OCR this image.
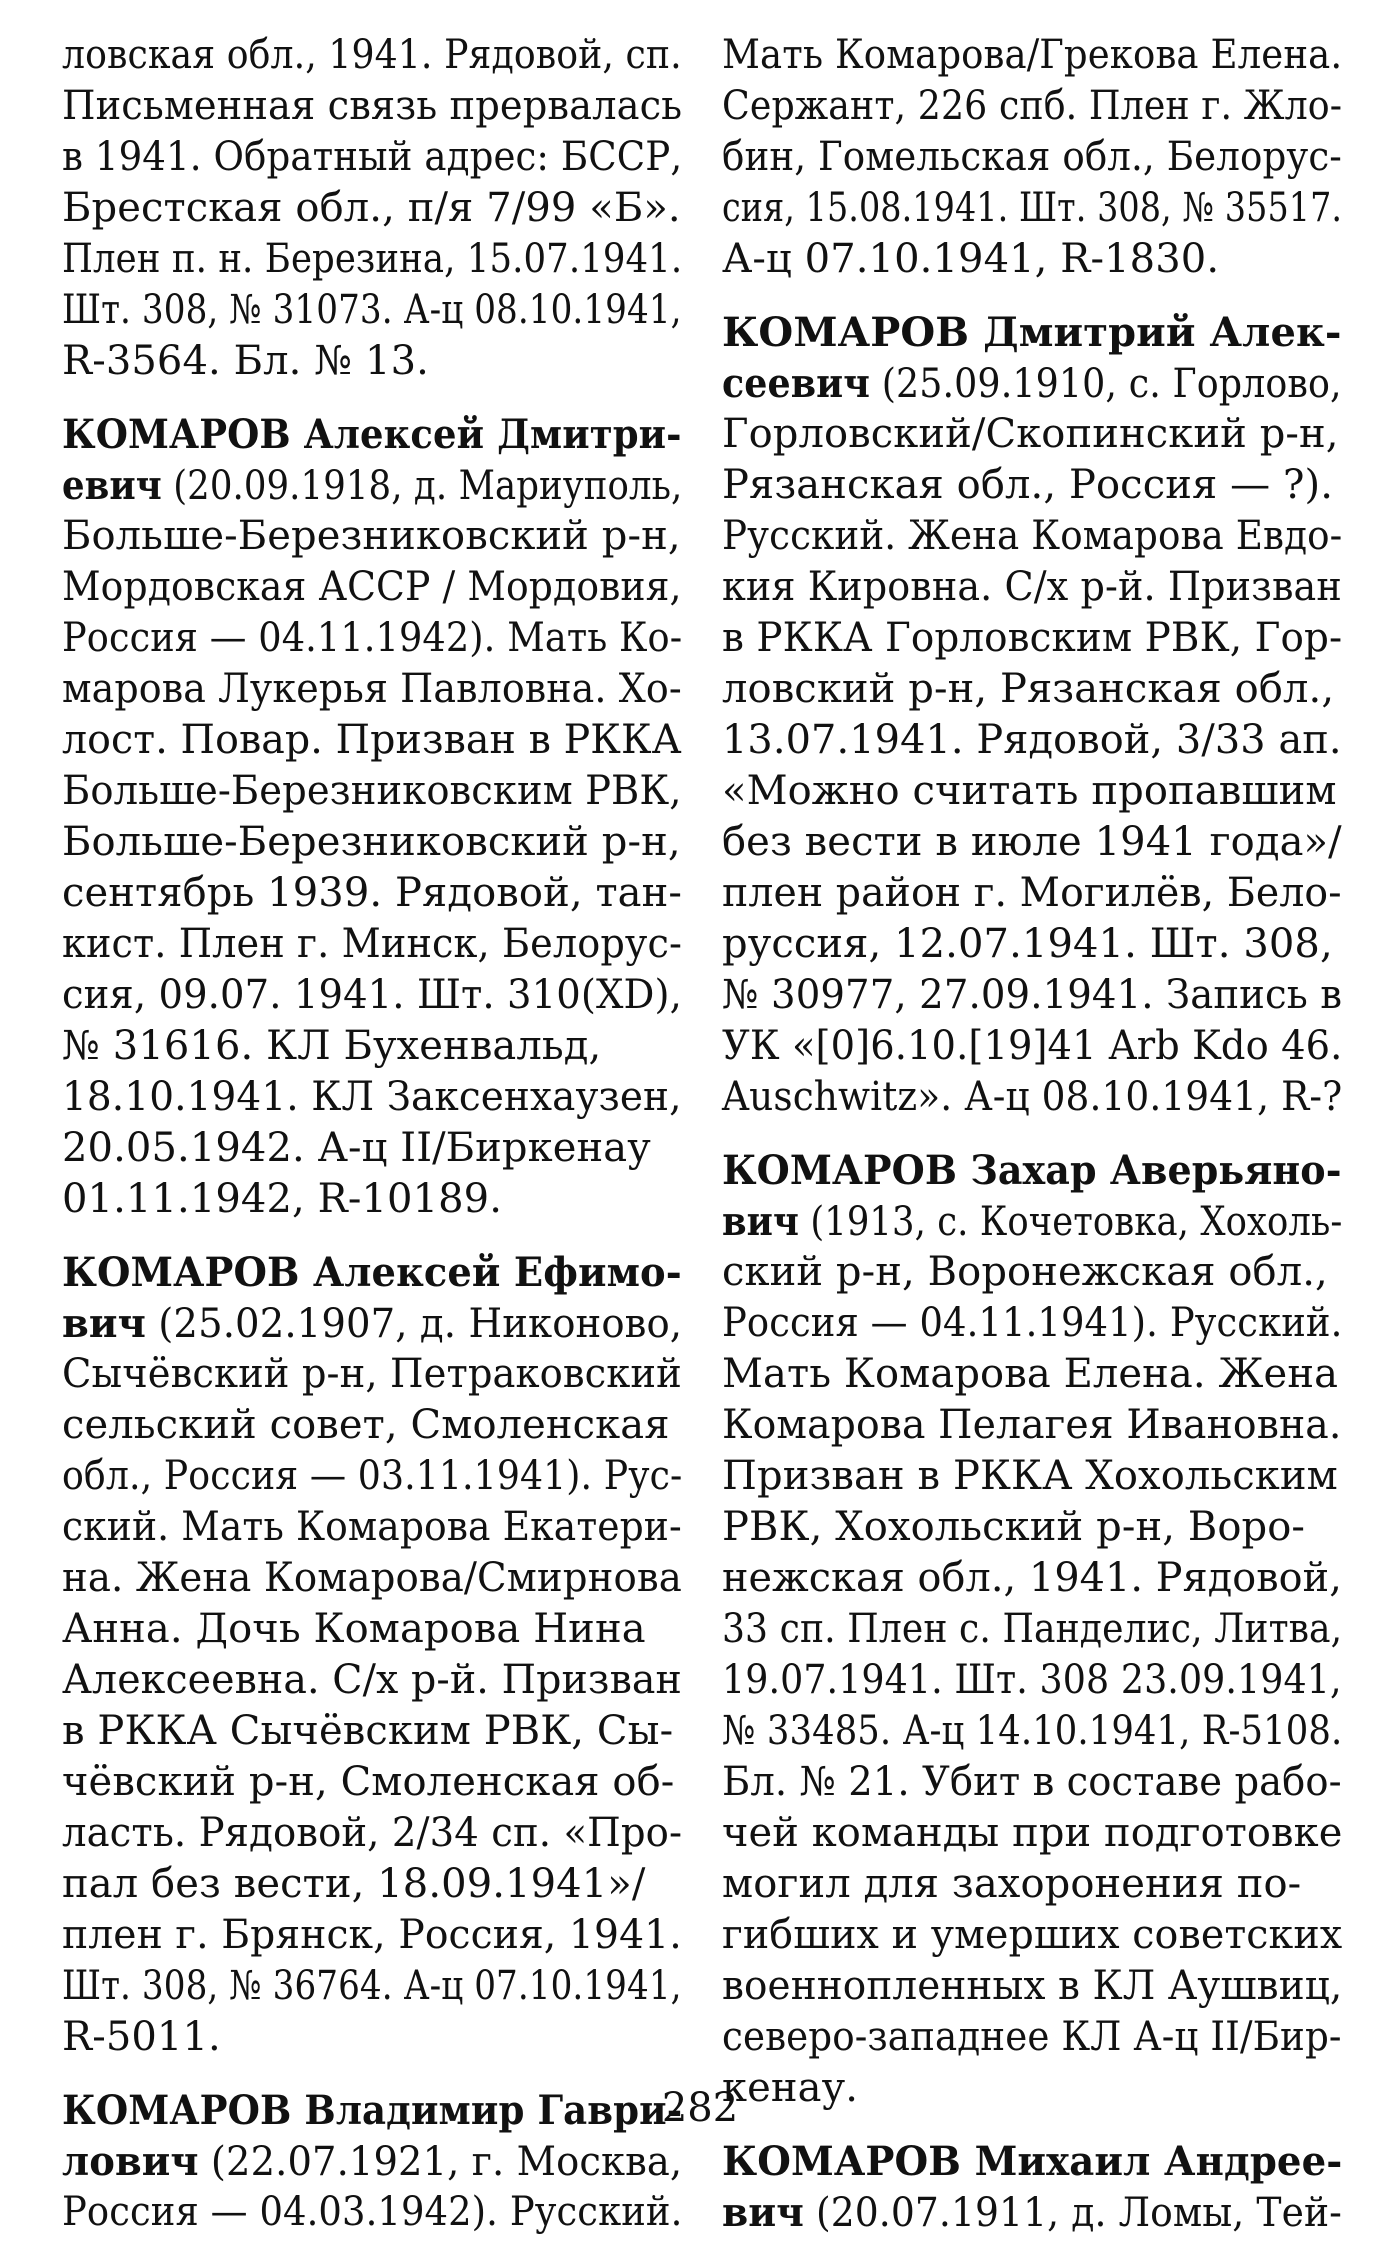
ловская обл., 1941. Рядовой, сп.
Письменная связь прервалась
в 1941. Обратный адрес: БССР,
Брестская обл., п/я 7/99 «Б».
Плен п. н. Березина, 15.07.1941.
Шт. 308, № 31073. А-ц 08.10.1941,
R-3564. Бл. № 13.
КОМАРОВ Алексей Дмитри-
евич (20.09.1918, д. Мариуполь,
Больше-Березниковский р-н,
Мордовская АССР / Мордовия,
Россия — 04.11.1942). Мать Ко-
марова Лукерья Павловна. Хо-
лост. Повар. Призван в РККА
Больше-Березниковским РВК,
Больше-Березниковский р-н,
сентябрь 1939. Рядовой, тан-
кист. Плен г. Минск, Белорус-
сия, 09.07. 1941. Шт. 310(XD),
№ 31616. КЛ Бухенвальд,
18.10.1941. КЛ Заксенхаузен,
20.05.1942. А-ц II/Биркенау
01.11.1942, R-10189.
КОМАРОВ Алексей Ефимо-
вич (25.02.1907, д. Никоново,
Сычёвский р-н, Петраковский
сельский совет, Смоленская
обл., Россия — 03.11.1941). Рус-
ский. Мать Комарова Екатери-
на. Жена Комарова/Смирнова
Анна. Дочь Комарова Нина
Алексеевна. С/х р-й. Призван
в РККА Сычёвским РВК, Сы-
чёвский р-н, Смоленская об-
ласть. Рядовой, 2/34 сп. «Про-
пал без вести, 18.09.1941»/
плен г. Брянск, Россия, 1941.
Шт. 308, № 36764. А-ц 07.10.1941,
R-5011.
КОМАРОВ Владимир Гаври-
лович (22.07.1921, г. Москва,
Россия — 04.03.1942). Русский.
Мать Комарова/Грекова Елена.
Сержант, 226 спб. Плен г. Жло-
бин, Гомельская обл., Белорус-
сия, 15.08.1941. Шт. 308, № 35517.
А-ц 07.10.1941, R-1830.
КОМАРОВ Дмитрий Алек-
сеевич (25.09.1910, с. Горлово,
Горловский/Скопинский р-н,
Рязанская обл., Россия — ?).
Русский. Жена Комарова Евдо-
кия Кировна. С/х р-й. Призван
в РККА Горловским РВК, Гор-
ловский р-н, Рязанская обл.,
13.07.1941. Рядовой, 3/33 ап.
«Можно считать пропавшим
без вести в июле 1941 года»/
плен район г. Могилёв, Бело-
руссия, 12.07.1941. Шт. 308,
№ 30977, 27.09.1941. Запись в
УК «[0]6.10.[19]41 Arb Kdo 46.
Auschwitz». А-ц 08.10.1941, R-?
КОМАРОВ Захар Аверьяно-
вич (1913, с. Кочетовка, Хохоль-
ский р-н, Воронежская обл.,
Россия — 04.11.1941). Русский.
Мать Комарова Елена. Жена
Комарова Пелагея Ивановна.
Призван в РККА Хохольским
РВК, Хохольский р-н, Воро-
нежская обл., 1941. Рядовой,
33 сп. Плен с. Панделис, Литва,
19.07.1941. Шт. 308 23.09.1941,
№ 33485. А-ц 14.10.1941, R-5108.
Бл. № 21. Убит в составе рабо-
чей команды при подготовке
могил для захоронения по-
гибших и умерших советских
военнопленных в КЛ Аушвиц,
северо-западнее КЛ А-ц II/Бир-
кенау.
КОМАРОВ Михаил Андрее-
вич (20.07.1911, д. Ломы, Тей-
282
